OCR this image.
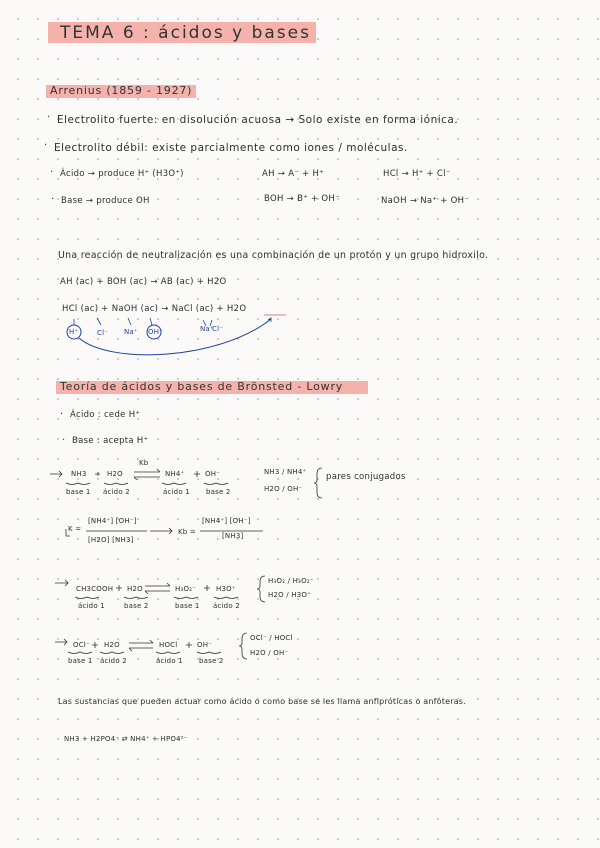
TEMA 6 : ácidos y bases
Arrenius (1859 - 1927)
· Electrolito fuerte: en disolución acuosa → Solo existe en forma iónica.
· Electrolito débil: existe parcialmente como iones / moléculas.
· Ácido → produce H⁺ (H3O⁺)	AH → A⁻ + H⁺	HCl → H⁺ + Cl⁻
· Base → produce OH	BOH → B⁺ + OH⁻	NaOH → Na⁺ + OH⁻
Una reacción de neutralización es una combinación de un protón y un grupo hidroxilo.
AH (ac) + BOH (ac) → AB (ac) + H2O
HCl (ac) + NaOH (ac) → NaCl (ac) + H2O
H⁺	Cl⁻ Na⁺ OH⁻	Na⁺
Cl⁻
Teoría de ácidos y bases de Brönsted - Lowry
· Ácido : cede H⁺
· Base : acepta H⁺
Kb
NH3	H2O	NH4⁺	OH⁻
base 1 ácido 2	ácido 1 base 2
NH3 / NH4⁺
H2O / OH⁻
pares conjugados
K =
[NH4⁺] [OH⁻]
[H2O] [NH3]
Kb =
[NH4⁺] [OH⁻]
[NH3]
CH3COOH H2O	H₃O₂⁻	H3O⁺
ácido 1	base 2	base 1 ácido 2
H₃O₂ / H₃O₂⁻
H2O / H3O⁺
OCl⁻ H2O	HOCl	OH⁻
base 1 ácido 2	ácido 1 base 2
OCl⁻ / HOCl
H2O / OH⁻
Las sustancias que pueden actuar como ácido o como base se les llama anfipróticas o anfóteras.
NH3 + H2PO4⁻ ⇄ NH4⁺ + HPO4²⁻
